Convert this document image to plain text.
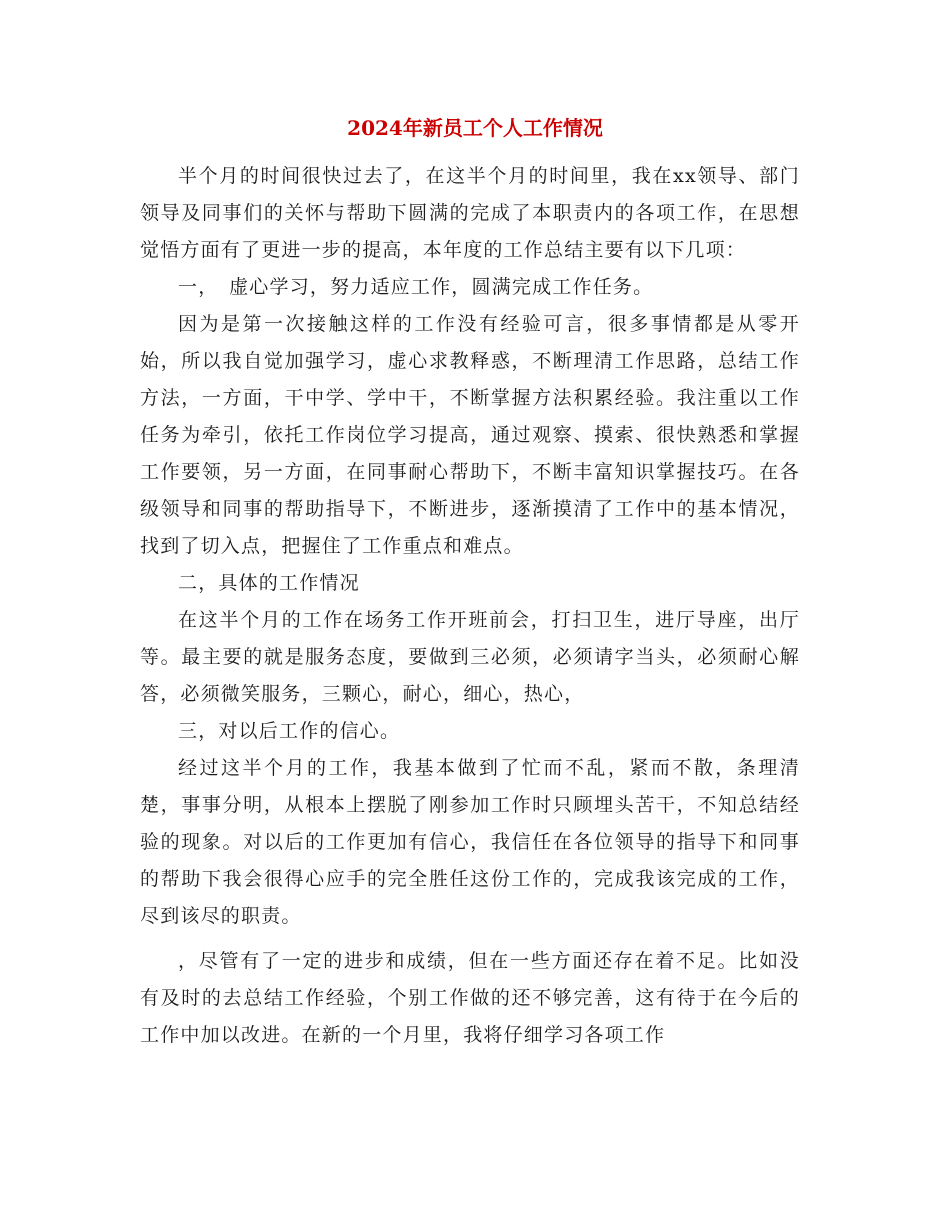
2024年新员工个人工作情况

半个月的时间很快过去了，在这半个月的时间里，我在xx领导、部门领导及同事们的关怀与帮助下圆满的完成了本职责内的各项工作，在思想觉悟方面有了更进一步的提高，本年度的工作总结主要有以下几项：

一，　虚心学习，努力适应工作，圆满完成工作任务。

因为是第一次接触这样的工作没有经验可言，很多事情都是从零开始，所以我自觉加强学习，虚心求教释惑，不断理清工作思路，总结工作方法，一方面，干中学、学中干，不断掌握方法积累经验。我注重以工作任务为牵引，依托工作岗位学习提高，通过观察、摸索、很快熟悉和掌握工作要领，另一方面，在同事耐心帮助下，不断丰富知识掌握技巧。在各级领导和同事的帮助指导下，不断进步，逐渐摸清了工作中的基本情况，找到了切入点，把握住了工作重点和难点。

二，具体的工作情况

在这半个月的工作在场务工作开班前会，打扫卫生，进厅导座，出厅等。最主要的就是服务态度，要做到三必须，必须请字当头，必须耐心解答，必须微笑服务，三颗心，耐心，细心，热心，

三，对以后工作的信心。

经过这半个月的工作，我基本做到了忙而不乱，紧而不散，条理清楚，事事分明，从根本上摆脱了刚参加工作时只顾埋头苦干，不知总结经验的现象。对以后的工作更加有信心，我信任在各位领导的指导下和同事的帮助下我会很得心应手的完全胜任这份工作的，完成我该完成的工作，尽到该尽的职责。

，尽管有了一定的进步和成绩，但在一些方面还存在着不足。比如没有及时的去总结工作经验，个别工作做的还不够完善，这有待于在今后的工作中加以改进。在新的一个月里，我将仔细学习各项工作
